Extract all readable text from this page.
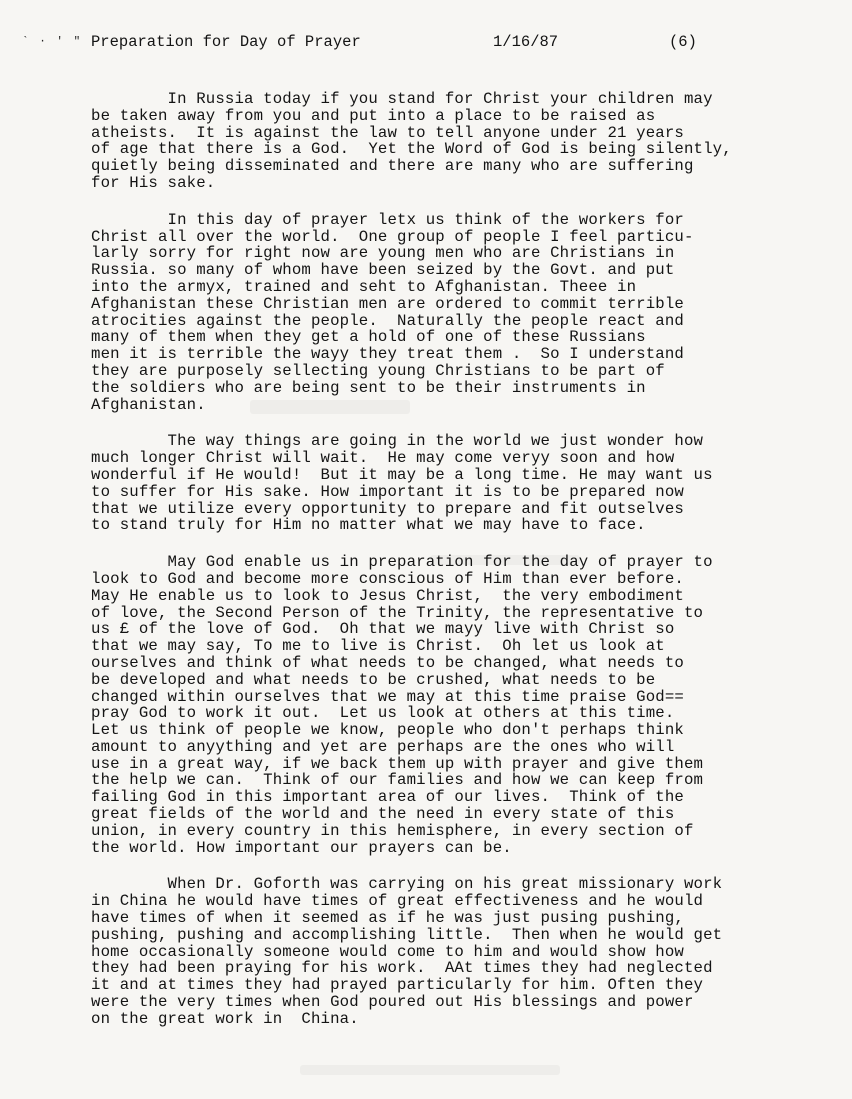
` · ' " Preparation for Day of Prayer	1/16/87	(6)

In Russia today if you stand for Christ your children may
be taken away from you and put into a place to be raised as
atheists.  It is against the law to tell anyone under 21 years
of age that there is a God.  Yet the Word of God is being silently,
quietly being disseminated and there are many who are suffering
for His sake.

In this day of prayer letx us think of the workers for
Christ all over the world.  One group of people I feel particu-
larly sorry for right now are young men who are Christians in
Russia. so many of whom have been seized by the Govt. and put
into the armyx, trained and seht to Afghanistan. Theee in
Afghanistan these Christian men are ordered to commit terrible
atrocities against the people.  Naturally the people react and
many of them when they get a hold of one of these Russians
men it is terrible the wayy they treat them .  So I understand
they are purposely sellecting young Christians to be part of
the soldiers who are being sent to be their instruments in
Afghanistan.

The way things are going in the world we just wonder how
much longer Christ will wait.  He may come veryy soon and how
wonderful if He would!  But it may be a long time. He may want us
to suffer for His sake. How important it is to be prepared now
that we utilize every opportunity to prepare and fit outselves
to stand truly for Him no matter what we may have to face.

May God enable us in preparation for the day of prayer to
look to God and become more conscious of Him than ever before.
May He enable us to look to Jesus Christ,  the very embodiment
of love, the Second Person of the Trinity, the representative to
us £ of the love of God.  Oh that we mayy live with Christ so
that we may say, To me to live is Christ.  Oh let us look at
ourselves and think of what needs to be changed, what needs to
be developed and what needs to be crushed, what needs to be
changed within ourselves that we may at this time praise God==
pray God to work it out.  Let us look at others at this time.
Let us think of people we know, people who don't perhaps think
amount to anyything and yet are perhaps are the ones who will
use in a great way, if we back them up with prayer and give them
the help we can.  Think of our families and how we can keep from
failing God in this important area of our lives.  Think of the
great fields of the world and the need in every state of this
union, in every country in this hemisphere, in every section of
the world. How important our prayers can be.

When Dr. Goforth was carrying on his great missionary work
in China he would have times of great effectiveness and he would
have times of when it seemed as if he was just pusing pushing,
pushing, pushing and accomplishing little.  Then when he would get
home occasionally someone would come to him and would show how
they had been praying for his work.  AAt times they had neglected
it and at times they had prayed particularly for him. Often they
were the very times when God poured out His blessings and power
on the great work in  China.
